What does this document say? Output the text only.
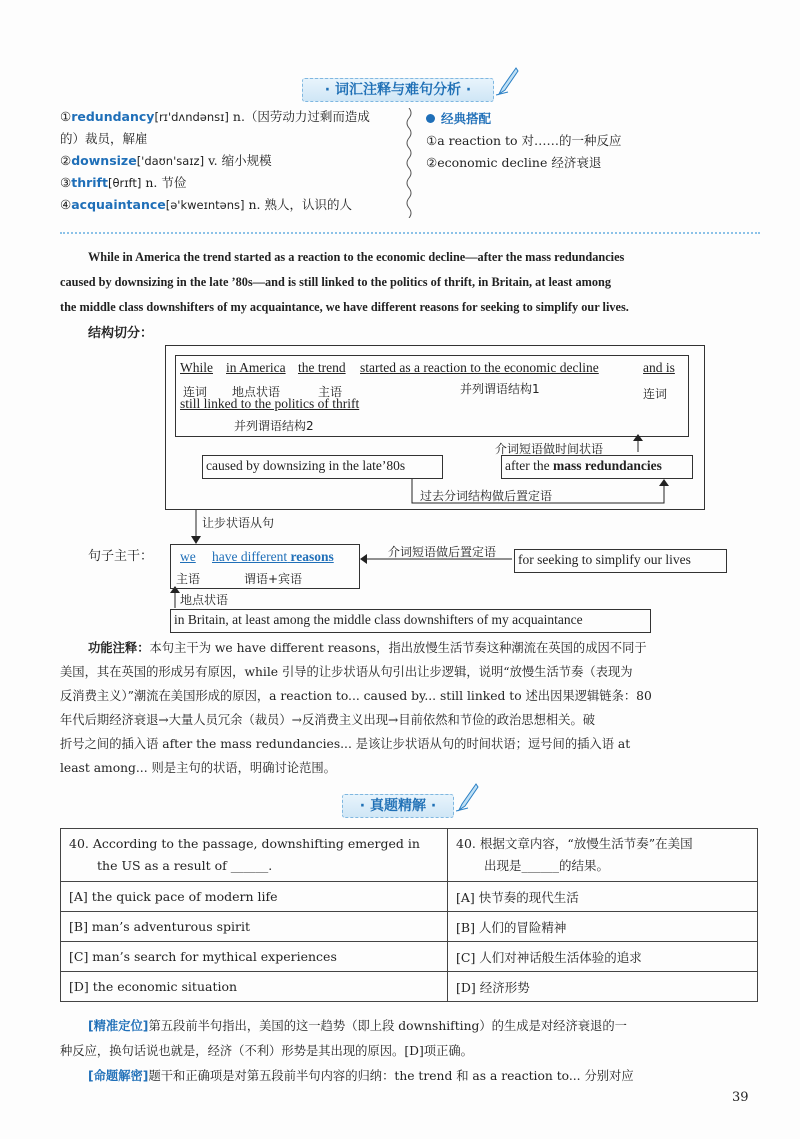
· 词汇注释与难句分析 ·
①redundancy[rɪ'dʌndənsɪ] n.（因劳动力过剩而造成
的）裁员，解雇
②downsize['daʊn'saɪz] v. 缩小规模
③thrift[θrɪft] n. 节俭
④acquaintance[ə'kweɪntəns] n. 熟人，认识的人
经典搭配
①a reaction to 对……的一种反应
②economic decline 经济衰退
While in America the trend started as a reaction to the economic decline—after the mass redundancies
caused by downsizing in the late ’80s—and is still linked to the politics of thrift, in Britain, at least among
the middle class downshifters of my acquaintance, we have different reasons for seeking to simplify our lives.
结构切分：
While in America the trend started as a reaction to the economic decline	and is
连词 地点状语	主语	并列谓语结构1	连词
still linked to the politics of thrift
并列谓语结构2
介词短语做时间状语
caused by downsizing in the late’80s	after the mass redundancies
过去分词结构做后置定语
让步状语从句
句子主干： we have different reasons
主语	谓语+宾语
介词短语做后置定语 for seeking to simplify our lives
地点状语
in Britain, at least among the middle class downshifters of my acquaintance
功能注释：本句主干为 we have different reasons，指出放慢生活节奏这种潮流在英国的成因不同于
美国，其在英国的形成另有原因，while 引导的让步状语从句引出让步逻辑，说明“放慢生活节奏（表现为
反消费主义）”潮流在美国形成的原因，a reaction to... caused by... still linked to 述出因果逻辑链条：80
年代后期经济衰退→大量人员冗余（裁员）→反消费主义出现→目前依然和节俭的政治思想相关。破
折号之间的插入语 after the mass redundancies... 是该让步状语从句的时间状语；逗号间的插入语 at
least among... 则是主句的状语，明确讨论范围。
· 真题精解 ·
40. According to the passage, downshifting emerged in
the US as a result of ______.	40. 根据文章内容，“放慢生活节奏”在美国
出现是______的结果。
[A] the quick pace of modern life	[A] 快节奏的现代生活
[B] man’s adventurous spirit	[B] 人们的冒险精神
[C] man’s search for mythical experiences	[C] 人们对神话般生活体验的追求
[D] the economic situation	[D] 经济形势
[精准定位]第五段前半句指出，美国的这一趋势（即上段 downshifting）的生成是对经济衰退的一
种反应，换句话说也就是，经济（不利）形势是其出现的原因。[D]项正确。
[命题解密]题干和正确项是对第五段前半句内容的归纳：the trend 和 as a reaction to... 分别对应
39
